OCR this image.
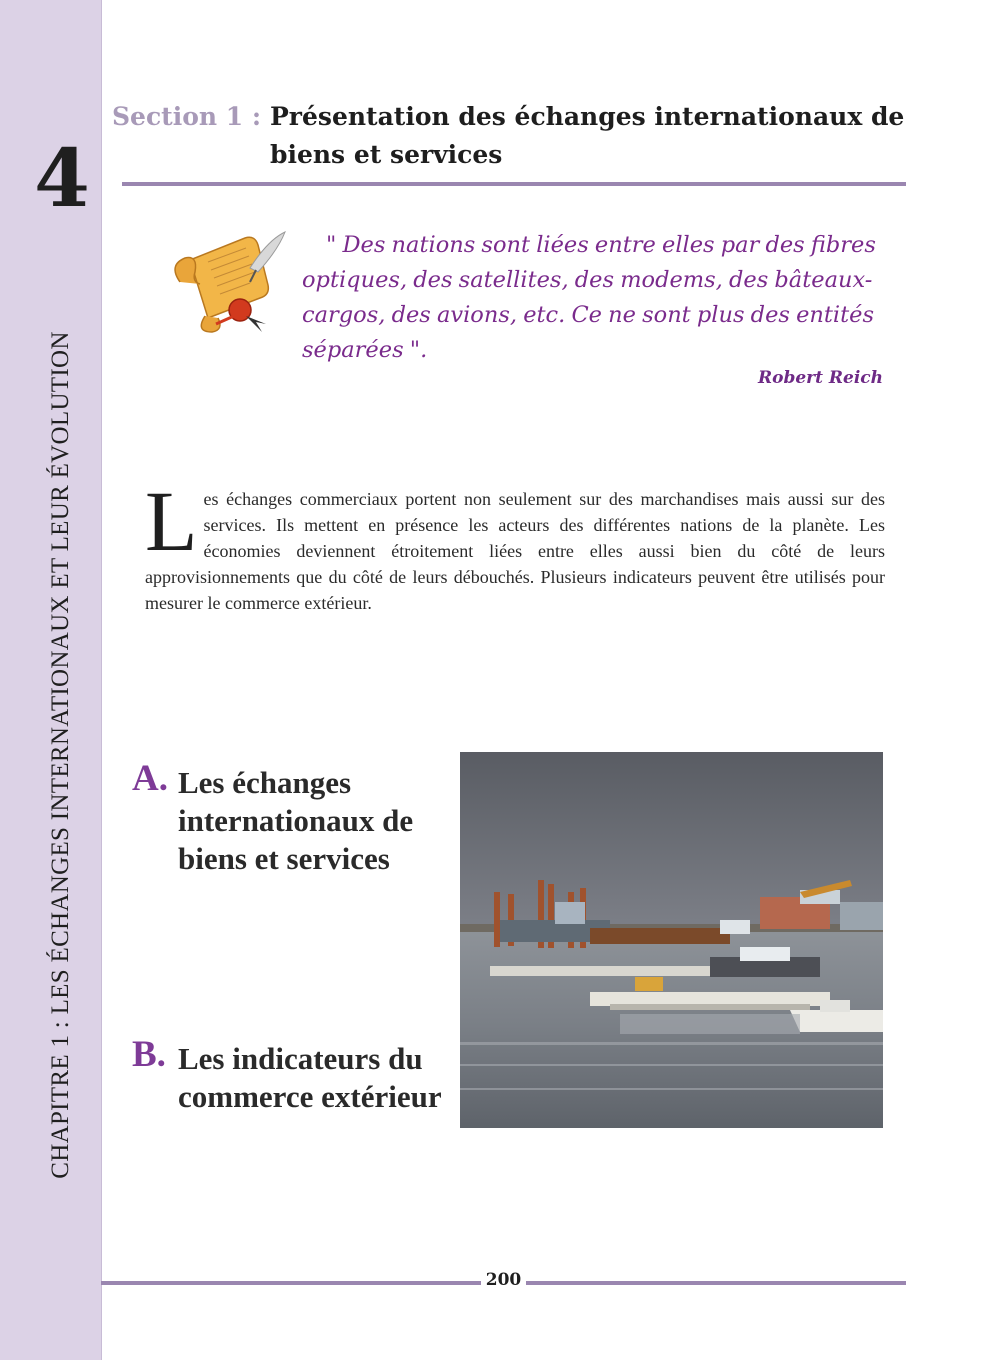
4
CHAPITRE 1 : LES ÉCHANGES INTERNATIONAUX ET LEUR ÉVOLUTION
Section 1 : Présentation des échanges internationaux de biens et services
" Des nations sont liées entre elles par des fibres optiques, des satellites, des modems, des bâteaux-cargos, des avions, etc. Ce ne sont plus des entités séparées ".
Robert Reich
L es échanges commerciaux portent non seulement sur des marchandises mais aussi sur des services. Ils mettent en présence les acteurs des différentes nations de la planète. Les économies deviennent étroitement liées entre elles aussi bien du côté de leurs approvisionnements que du côté de leurs débouchés. Plusieurs indicateurs peuvent être utilisés pour mesurer le commerce extérieur.
A. Les échanges internationaux de biens et services
B. Les indicateurs du commerce extérieur
200
